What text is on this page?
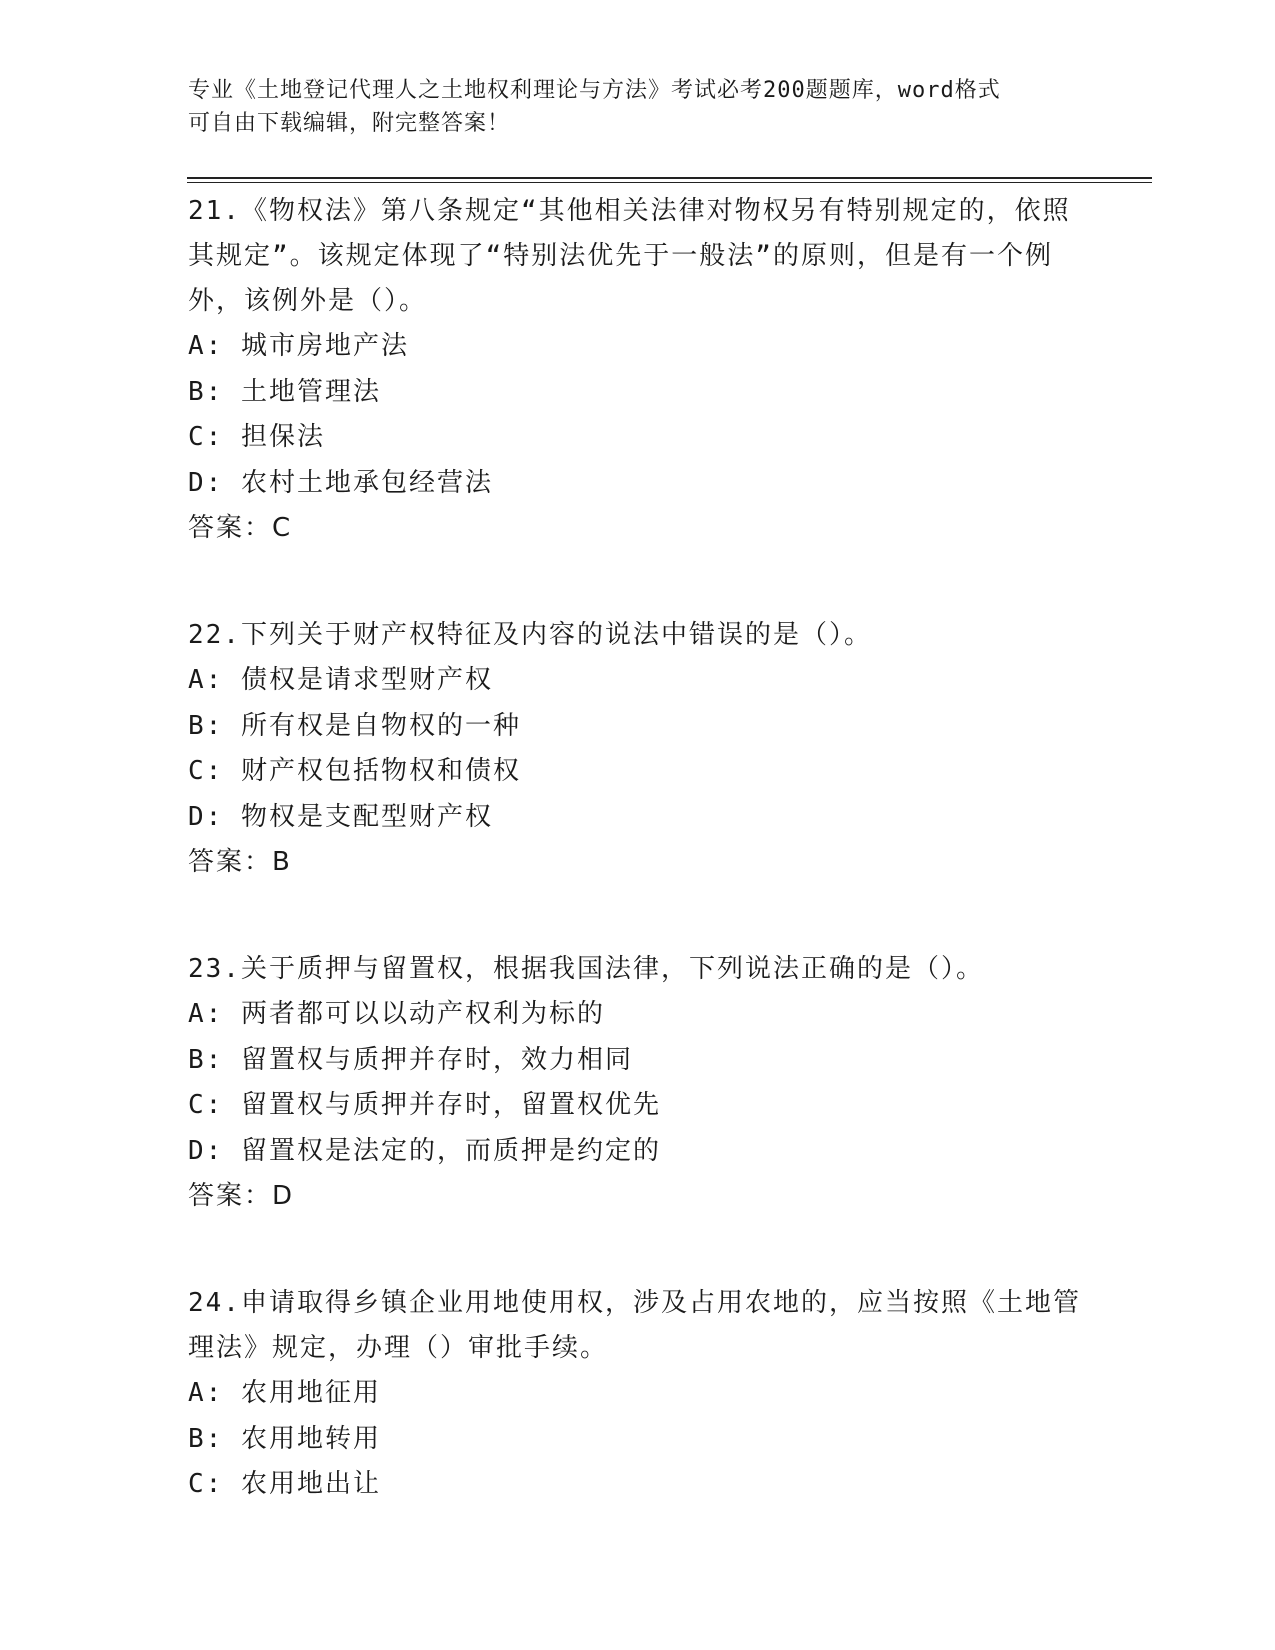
专业《土地登记代理人之土地权利理论与方法》考试必考200题题库，word格式
可自由下载编辑，附完整答案！
21.《物权法》第八条规定“其他相关法律对物权另有特别规定的，依照其规定”。该规定体现了“特别法优先于一般法”的原则，但是有一个例外，该例外是（）。
A: 城市房地产法
B: 土地管理法
C: 担保法
D: 农村土地承包经营法
答案：C
22.下列关于财产权特征及内容的说法中错误的是（）。
A: 债权是请求型财产权
B: 所有权是自物权的一种
C: 财产权包括物权和债权
D: 物权是支配型财产权
答案：B
23.关于质押与留置权，根据我国法律，下列说法正确的是（）。
A: 两者都可以以动产权利为标的
B: 留置权与质押并存时，效力相同
C: 留置权与质押并存时，留置权优先
D: 留置权是法定的，而质押是约定的
答案：D
24.申请取得乡镇企业用地使用权，涉及占用农地的，应当按照《土地管理法》规定，办理（）审批手续。
A: 农用地征用
B: 农用地转用
C: 农用地出让
